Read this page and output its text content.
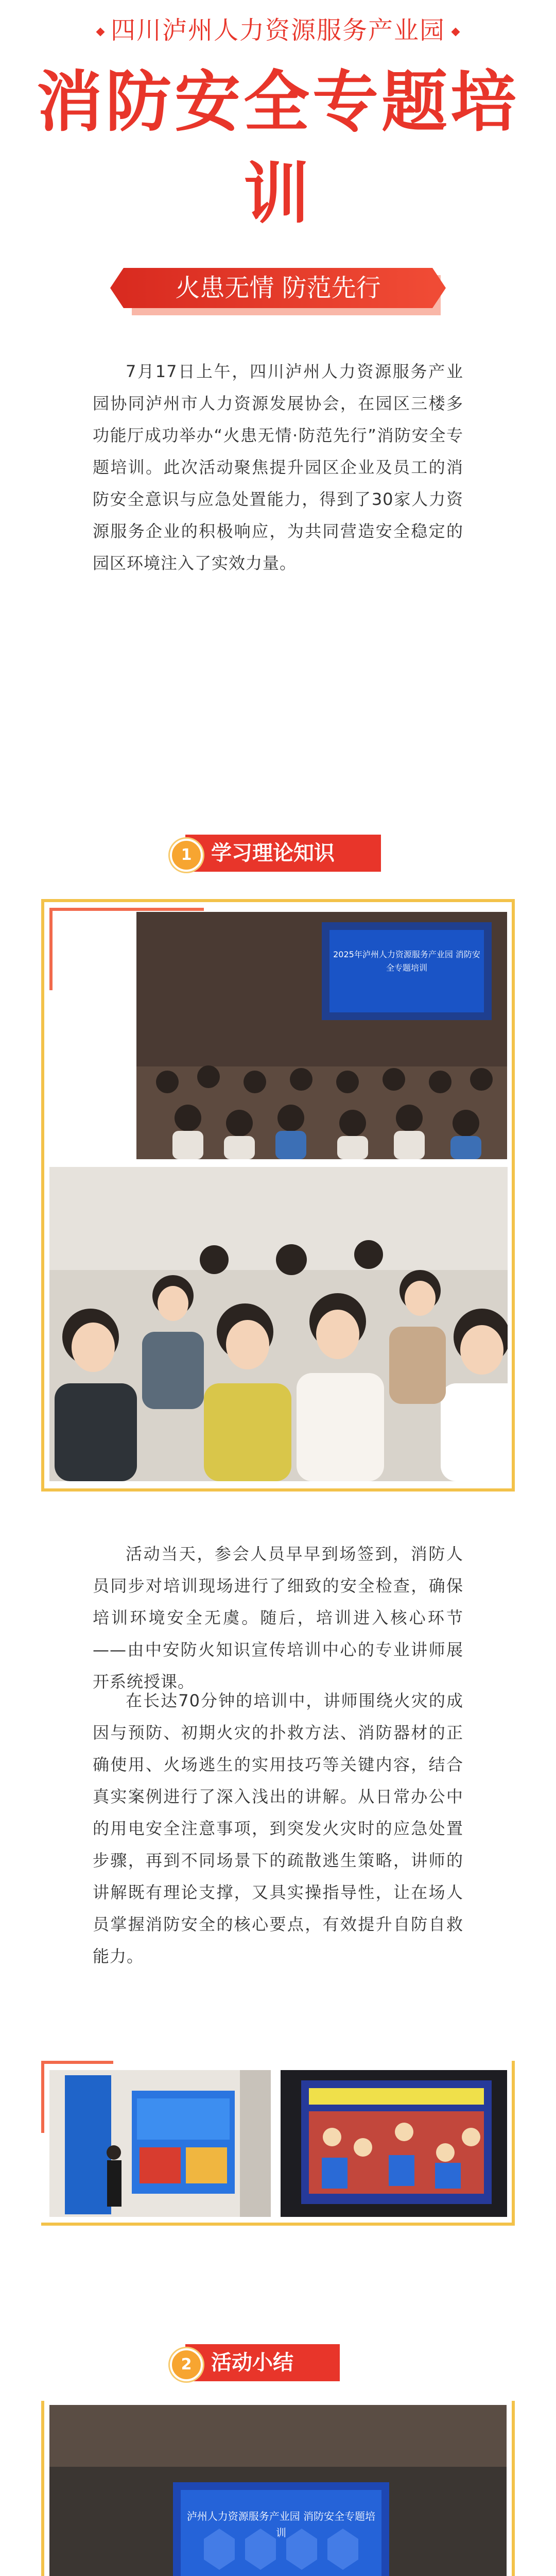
四川泸州人力资源服务产业园
消防安全专题培训
火患无情 防范先行
7月17日上午，四川泸州人力资源服务产业园协同泸州市人力资源发展协会，在园区三楼多功能厅成功举办“火患无情·防范先行”消防安全专题培训。此次活动聚焦提升园区企业及员工的消防安全意识与应急处置能力，得到了30家人力资源服务企业的积极响应，为共同营造安全稳定的园区环境注入了实效力量。
1 学习理论知识
2025年泸州人力资源服务产业园 消防安全专题培训
活动当天，参会人员早早到场签到，消防人员同步对培训现场进行了细致的安全检查，确保培训环境安全无虞。随后，培训进入核心环节——由中安防火知识宣传培训中心的专业讲师展开系统授课。
在长达70分钟的培训中，讲师围绕火灾的成因与预防、初期火灾的扑救方法、消防器材的正确使用、火场逃生的实用技巧等关键内容，结合真实案例进行了深入浅出的讲解。从日常办公中的用电安全注意事项，到突发火灾时的应急处置步骤，再到不同场景下的疏散逃生策略，讲师的讲解既有理论支撑，又具实操指导性，让在场人员掌握消防安全的核心要点，有效提升自防自救能力。
2 活动小结
泸州人力资源服务产业园 消防安全专题培训
